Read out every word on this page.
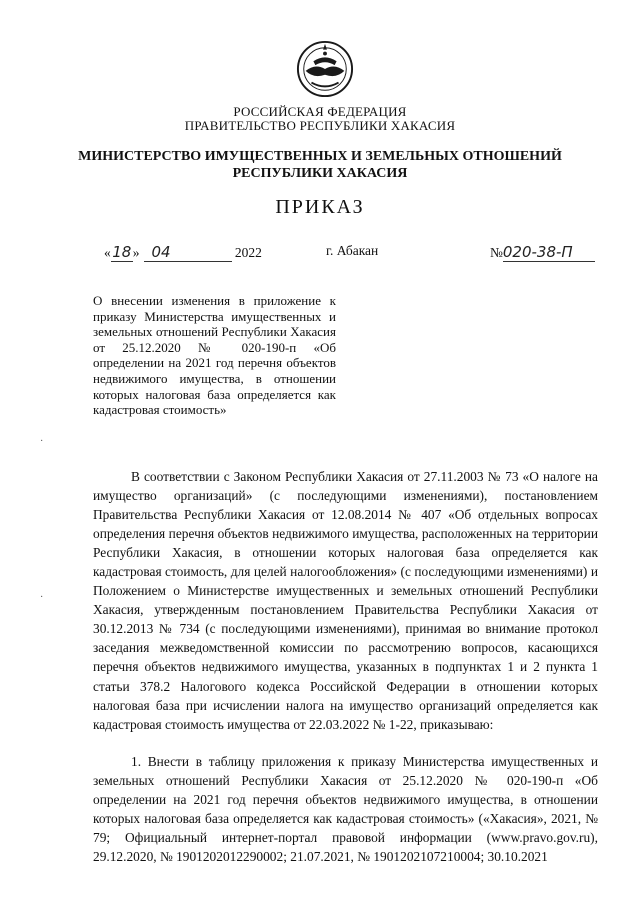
РОССИЙСКАЯ ФЕДЕРАЦИЯ
ПРАВИТЕЛЬСТВО РЕСПУБЛИКИ ХАКАСИЯ
МИНИСТЕРСТВО ИМУЩЕСТВЕННЫХ И ЗЕМЕЛЬНЫХ ОТНОШЕНИЙ
РЕСПУБЛИКИ ХАКАСИЯ
ПРИКАЗ
«18» 04	2022	г. Абакан	№020-38-П
О внесении изменения в приложение к приказу Министерства имущественных и земельных отношений Республики Хакасия от 25.12.2020 № 020-190-п «Об определении на 2021 год перечня объектов недвижимого имущества, в отношении которых налоговая база определяется как кадастровая стоимость»
В соответствии с Законом Республики Хакасия от 27.11.2003 № 73 «О налоге на имущество организаций» (с последующими изменениями), постановлением Правительства Республики Хакасия от 12.08.2014 № 407 «Об отдельных вопросах определения перечня объектов недвижимого имущества, расположенных на территории Республики Хакасия, в отношении которых налоговая база определяется как кадастровая стоимость, для целей налогообложения» (с последующими изменениями) и Положением о Министерстве имущественных и земельных отношений Республики Хакасия, утвержденным постановлением Правительства Республики Хакасия от 30.12.2013 № 734 (с последующими изменениями), принимая во внимание протокол заседания межведомственной комиссии по рассмотрению вопросов, касающихся перечня объектов недвижимого имущества, указанных в подпунктах 1 и 2 пункта 1 статьи 378.2 Налогового кодекса Российской Федерации в отношении которых налоговая база при исчислении налога на имущество организаций определяется как кадастровая стоимость имущества от 22.03.2022 № 1-22, приказываю:
1. Внести в таблицу приложения к приказу Министерства имущественных и земельных отношений Республики Хакасия от 25.12.2020 № 020-190-п «Об определении на 2021 год перечня объектов недвижимого имущества, в отношении которых налоговая база определяется как кадастровая стоимость» («Хакасия», 2021, № 79; Официальный интернет-портал правовой информации (www.pravo.gov.ru), 29.12.2020, № 1901202012290002; 21.07.2021, № 1901202107210004; 30.10.2021
·
·
